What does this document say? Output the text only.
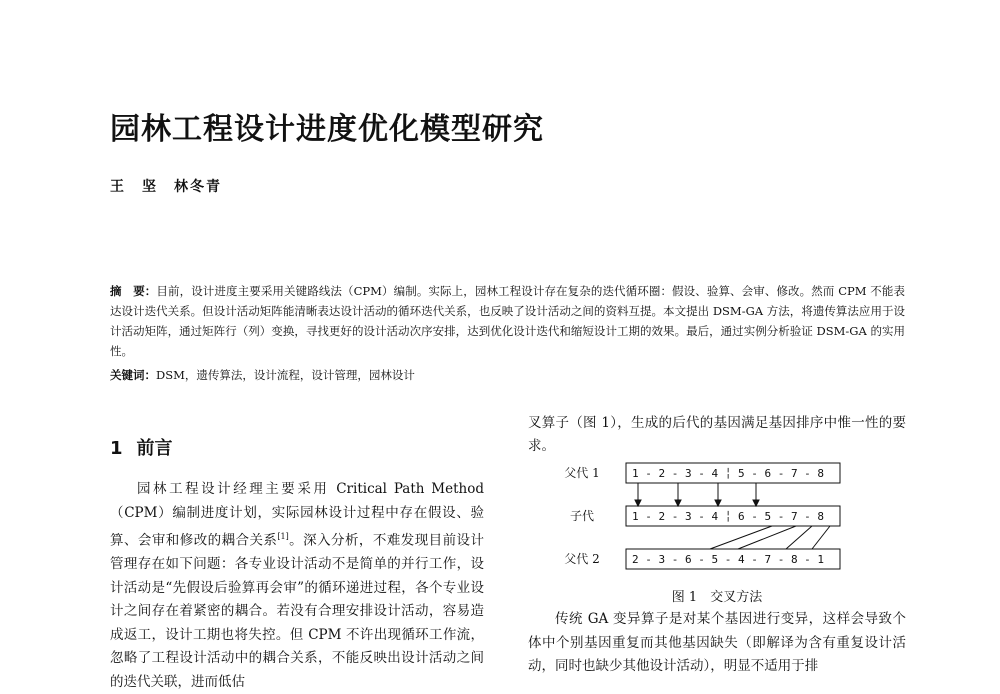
园林工程设计进度优化模型研究
王　坚　林冬青
摘　要：目前，设计进度主要采用关键路线法（CPM）编制。实际上，园林工程设计存在复杂的迭代循环圈：假设、验算、会审、修改。然而 CPM 不能表达设计迭代关系。但设计活动矩阵能清晰表达设计活动的循环迭代关系，也反映了设计活动之间的资料互提。本文提出 DSM-GA 方法，将遗传算法应用于设计活动矩阵，通过矩阵行（列）变换，寻找更好的设计活动次序安排，达到优化设计迭代和缩短设计工期的效果。最后，通过实例分析验证 DSM-GA 的实用性。
关键词：DSM，遗传算法，设计流程，设计管理，园林设计
1 前言

园林工程设计经理主要采用 Critical Path Method（CPM）编制进度计划，实际园林设计过程中存在假设、验算、会审和修改的耦合关系[1]。深入分析，不难发现目前设计管理存在如下问题：各专业设计活动不是简单的并行工作，设计活动是“先假设后验算再会审”的循环递进过程，各个专业设计之间存在着紧密的耦合。若没有合理安排设计活动，容易造成返工，设计工期也将失控。但 CPM 不许出现循环工作流，忽略了工程设计活动中的耦合关系，不能反映出设计活动之间的迭代关联，进而低估

叉算子（图 1），生成的后代的基因满足基因排序中惟一性的要求。

父代 1
子代
父代 2
1 - 2 - 3 - 4 ╎ 5 - 6 - 7 - 8
1 - 2 - 3 - 4 ╎ 6 - 5 - 7 - 8
2 - 3 - 6 - 5 - 4 - 7 - 8 - 1
图 1　交叉方法

传统 GA 变异算子是对某个基因进行变异，这样会导致个体中个别基因重复而其他基因缺失（即解译为含有重复设计活动，同时也缺少其他设计活动），明显不适用于排
